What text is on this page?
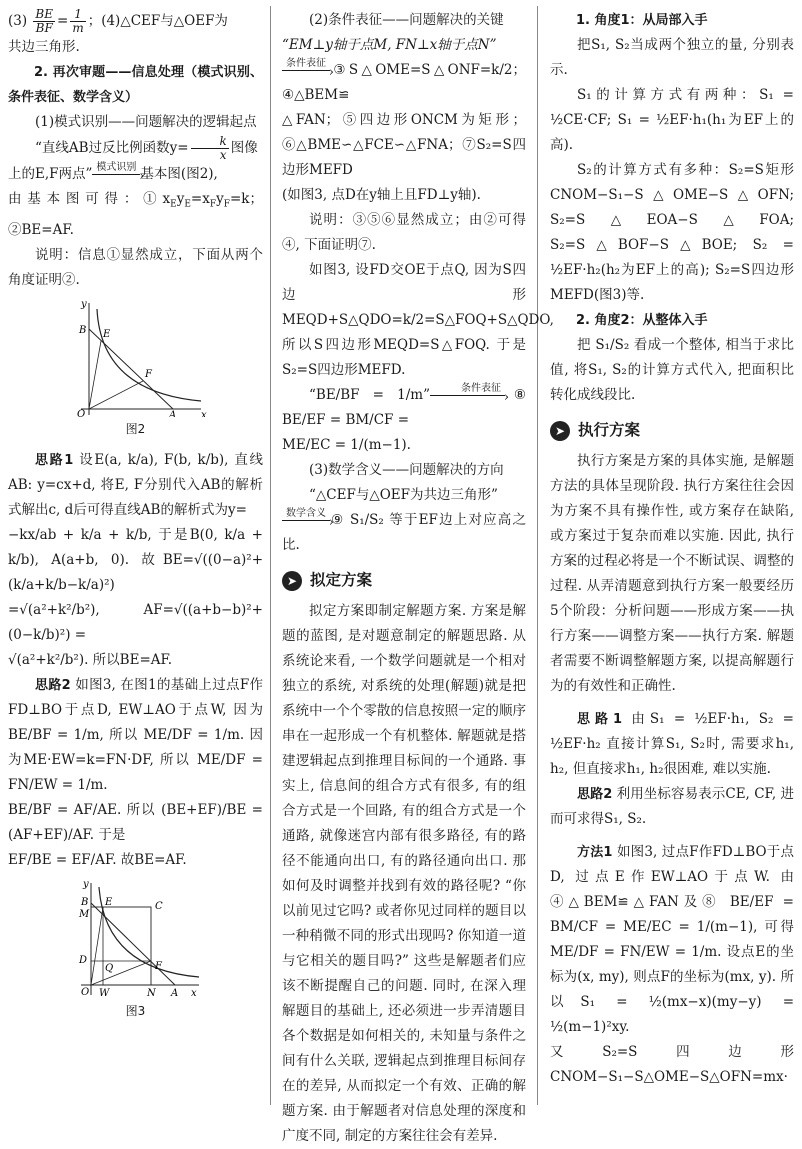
$(3) \frac{BE}{BF} = \frac{1}{m}$ ；(4)△CEF与△OEF为

共边三角形.

2. 再次审题——信息处理（模式识别、条件表征、数学含义）

(1)模式识别——问题解决的逻辑起点

“直线AB过反比例函数$y= \frac{k}{x}$ 图像

上的E,F两点” 模式识别 › 基本图(图2),

由基本图可得：$①x_Ey_E=x_Fy_F=k$；②BE=AF.

说明：信息①显然成立，下面从两个角度证明②.

y
B E
F
O	A x
图2

思路1 设E(a, k/a), F(b, k/b), 直线AB: y=cx+d, 将E, F分别代入AB的解析式解出c, d后可得直线AB的解析式为y=

−kx/ab + k/a + k/b, 于是B(0, k/a + k/b), A(a+b, 0). 故BE=√((0−a)²+(k/a+k/b−k/a)²)

=√(a²+k²/b²), AF=√((a+b−b)²+(0−k/b)²) =

√(a²+k²/b²). 所以BE=AF.

思路2 如图3, 在图1的基础上过点F作FD⊥BO于点D, EW⊥AO于点W, 因为 BE/BF = 1/m, 所以 ME/DF = 1/m. 因为ME·EW=k=FN·DF, 所以 ME/DF = FN/EW = 1/m.

BE/BF = AF/AE. 所以 (BE+EF)/BE = (AF+EF)/AF. 于是

EF/BE = EF/AF. 故BE=AF.

y
B E	C
M
D
Q	F
O W	N A x
图3

(2)条件表征——问题解决的关键

“EM⊥y轴于点M, FN⊥x轴于点N”

条件表征 › ③S△OME=S△ONF=k/2；④△BEM≌

△FAN；⑤四边形ONCM为矩形；⑥△BME∽△FCE∽△FNA；⑦S₂=S四边形MEFD

(如图3, 点D在y轴上且FD⊥y轴).

说明：③⑤⑥显然成立；由②可得④, 下面证明⑦.

如图3, 设FD交OE于点Q, 因为S四边形MEQD+S△QDO=k/2=S△FOQ+S△QDO, 所以S四边形MEQD=S△FOQ. 于是S₂=S四边形MEFD.

“BE/BF = 1/m”	条件表征 › ⑧ BE/EF = BM/CF =

ME/EC = 1/(m−1).

(3)数学含义——问题解决的方向

“△CEF与△OEF为共边三角形”

数学含义 › ⑨ S₁/S₂ 等于EF边上对应高之比.

➤ 拟定方案

拟定方案即制定解题方案. 方案是解题的蓝图, 是对题意制定的解题思路. 从系统论来看, 一个数学问题就是一个相对独立的系统, 对系统的处理(解题)就是把系统中一个个零散的信息按照一定的顺序串在一起形成一个有机整体. 解题就是搭建逻辑起点到推理目标间的一个通路. 事实上, 信息间的组合方式有很多, 有的组合方式是一个回路, 有的组合方式是一个通路, 就像迷宫内部有很多路径, 有的路径不能通向出口, 有的路径通向出口. 那如何及时调整并找到有效的路径呢? “你以前见过它吗? 或者你见过同样的题目以一种稍微不同的形式出现吗? 你知道一道与它相关的题目吗?” 这些是解题者们应该不断提醒自己的问题. 同时, 在深入理解题目的基础上, 还必须进一步弄清题目各个数据是如何相关的, 未知量与条件之间有什么关联, 逻辑起点到推理目标间存在的差异, 从而拟定一个有效、正确的解题方案. 由于解题者对信息处理的深度和广度不同, 制定的方案往往会有差异.

1. 角度1：从局部入手

把S₁, S₂当成两个独立的量, 分别表示.

S₁的计算方式有两种：S₁ = ½CE·CF; S₁ = ½EF·h₁(h₁为EF上的高).

S₂的计算方式有多种：S₂=S矩形CNOM−S₁−S△OME−S△OFN; S₂=S△EOA−S△FOA; S₂=S△BOF−S△BOE; S₂ = ½EF·h₂(h₂为EF上的高); S₂=S四边形MEFD(图3)等.

2. 角度2：从整体入手

把 S₁/S₂ 看成一个整体, 相当于求比值, 将S₁, S₂的计算方式代入, 把面积比转化成线段比.

➤ 执行方案

执行方案是方案的具体实施, 是解题方法的具体呈现阶段. 执行方案往往会因为方案不具有操作性, 或方案存在缺陷, 或方案过于复杂而难以实施. 因此, 执行方案的过程必将是一个不断试误、调整的过程. 从弄清题意到执行方案一般要经历5个阶段：分析问题——形成方案——执行方案——调整方案——执行方案. 解题者需要不断调整解题方案, 以提高解题行为的有效性和正确性.

思路1 由S₁ = ½EF·h₁, S₂ = ½EF·h₂ 直接计算S₁, S₂时, 需要求h₁, h₂, 但直接求h₁, h₂很困难, 难以实施.

思路2 利用坐标容易表示CE, CF, 进而可求得S₁, S₂.

方法1 如图3, 过点F作FD⊥BO于点D, 过点E作EW⊥AO于点W. 由④△BEM≌△FAN及⑧ BE/EF = BM/CF = ME/EC = 1/(m−1), 可得 ME/DF = FN/EW = 1/m. 设点E的坐标为(x, my), 则点F的坐标为(mx, y). 所以S₁ = ½(mx−x)(my−y) = ½(m−1)²xy.

又S₂=S四边形CNOM−S₁−S△OME−S△OFN=mx·
